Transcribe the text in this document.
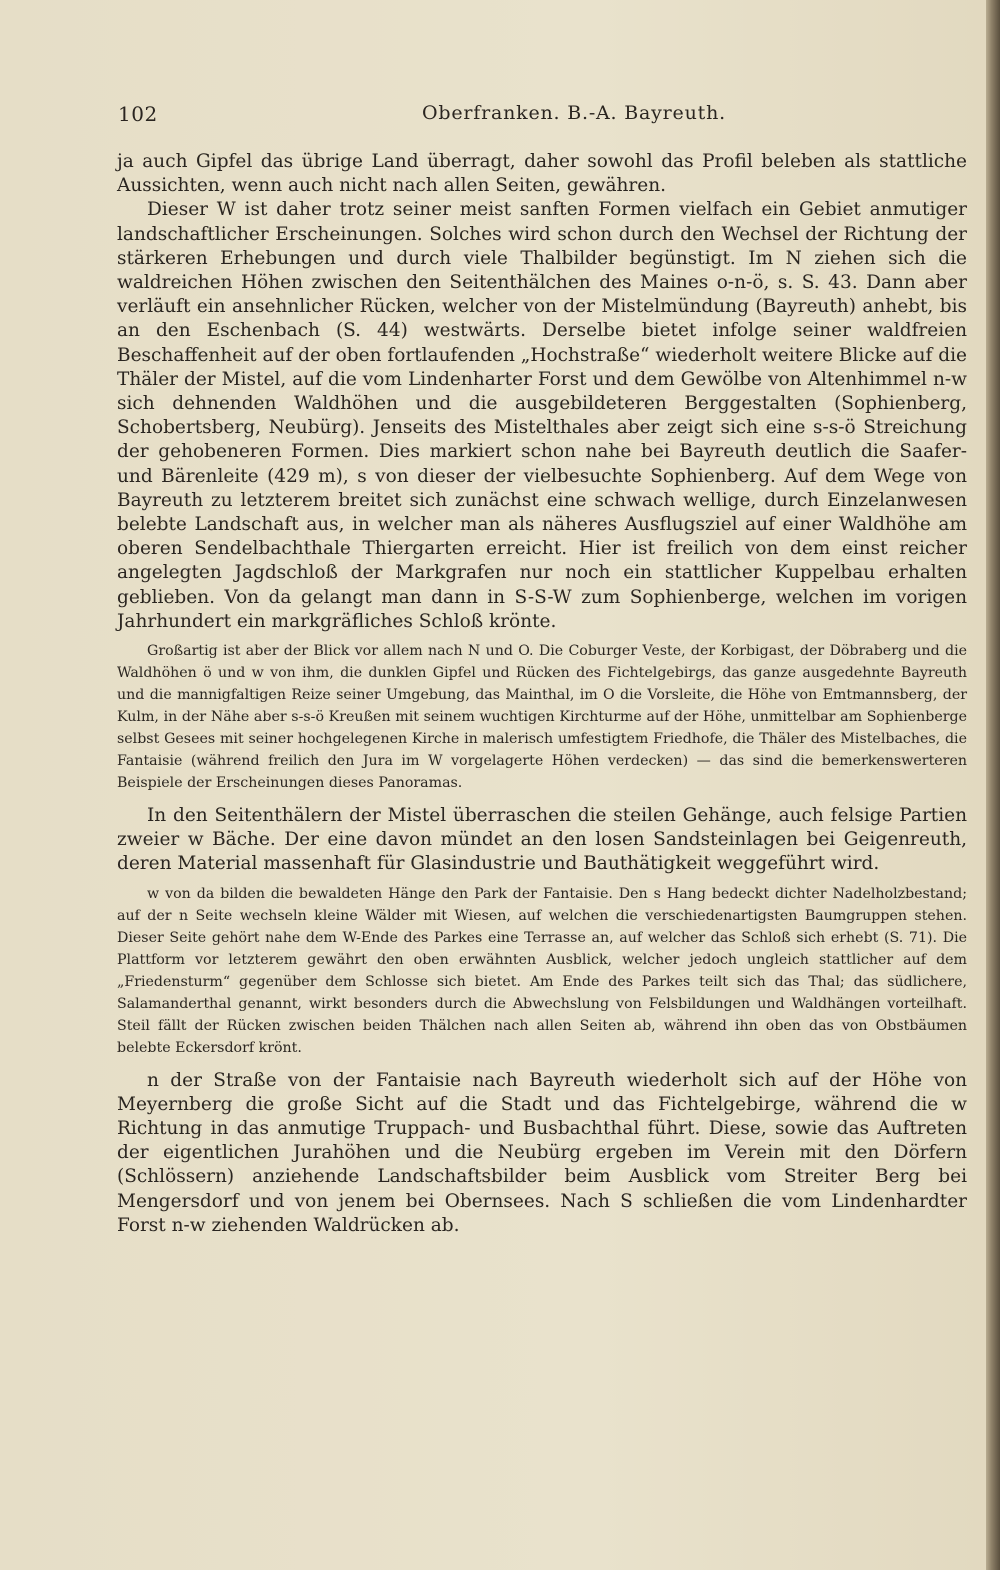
102	Oberfranken. B.-A. Bayreuth.

ja auch Gipfel das übrige Land überragt, daher sowohl das Profil beleben als stattliche Aussichten, wenn auch nicht nach allen Seiten, gewähren.

Dieser W ist daher trotz seiner meist sanften Formen vielfach ein Gebiet anmutiger landschaftlicher Erscheinungen. Solches wird schon durch den Wechsel der Richtung der stärkeren Erhebungen und durch viele Thalbilder begünstigt. Im N ziehen sich die waldreichen Höhen zwischen den Seitenthälchen des Maines o-n-ö, s. S. 43. Dann aber verläuft ein ansehnlicher Rücken, welcher von der Mistelmündung (Bayreuth) anhebt, bis an den Eschenbach (S. 44) westwärts. Derselbe bietet infolge seiner waldfreien Beschaffenheit auf der oben fortlaufenden „Hochstraße“ wiederholt weitere Blicke auf die Thäler der Mistel, auf die vom Lindenharter Forst und dem Gewölbe von Altenhimmel n-w sich dehnenden Waldhöhen und die ausgebildeteren Berggestalten (Sophienberg, Schobertsberg, Neubürg). Jenseits des Mistelthales aber zeigt sich eine s-s-ö Streichung der gehobeneren Formen. Dies markiert schon nahe bei Bayreuth deutlich die Saafer- und Bärenleite (429 m), s von dieser der vielbesuchte Sophienberg. Auf dem Wege von Bayreuth zu letzterem breitet sich zunächst eine schwach wellige, durch Einzelanwesen belebte Landschaft aus, in welcher man als näheres Ausflugsziel auf einer Waldhöhe am oberen Sendelbachthale Thiergarten erreicht. Hier ist freilich von dem einst reicher angelegten Jagdschloß der Markgrafen nur noch ein stattlicher Kuppelbau erhalten geblieben. Von da gelangt man dann in S-S-W zum Sophienberge, welchen im vorigen Jahrhundert ein markgräfliches Schloß krönte.

Großartig ist aber der Blick vor allem nach N und O. Die Coburger Veste, der Korbigast, der Döbraberg und die Waldhöhen ö und w von ihm, die dunklen Gipfel und Rücken des Fichtelgebirgs, das ganze ausgedehnte Bayreuth und die mannigfaltigen Reize seiner Umgebung, das Mainthal, im O die Vorsleite, die Höhe von Emtmannsberg, der Kulm, in der Nähe aber s-s-ö Kreußen mit seinem wuchtigen Kirchturme auf der Höhe, unmittelbar am Sophienberge selbst Gesees mit seiner hochgelegenen Kirche in malerisch umfestigtem Friedhofe, die Thäler des Mistelbaches, die Fantaisie (während freilich den Jura im W vorgelagerte Höhen verdecken) — das sind die bemerkenswerteren Beispiele der Erscheinungen dieses Panoramas.

In den Seitenthälern der Mistel überraschen die steilen Gehänge, auch felsige Partien zweier w Bäche. Der eine davon mündet an den losen Sandsteinlagen bei Geigenreuth, deren Material massenhaft für Glasindustrie und Bauthätigkeit weggeführt wird.

w von da bilden die bewaldeten Hänge den Park der Fantaisie. Den s Hang bedeckt dichter Nadelholzbestand; auf der n Seite wechseln kleine Wälder mit Wiesen, auf welchen die verschiedenartigsten Baumgruppen stehen. Dieser Seite gehört nahe dem W-Ende des Parkes eine Terrasse an, auf welcher das Schloß sich erhebt (S. 71). Die Plattform vor letzterem gewährt den oben erwähnten Ausblick, welcher jedoch ungleich stattlicher auf dem „Friedensturm“ gegenüber dem Schlosse sich bietet. Am Ende des Parkes teilt sich das Thal; das südlichere, Salamanderthal genannt, wirkt besonders durch die Abwechslung von Felsbildungen und Waldhängen vorteilhaft. Steil fällt der Rücken zwischen beiden Thälchen nach allen Seiten ab, während ihn oben das von Obstbäumen belebte Eckersdorf krönt.

n der Straße von der Fantaisie nach Bayreuth wiederholt sich auf der Höhe von Meyernberg die große Sicht auf die Stadt und das Fichtelgebirge, während die w Richtung in das anmutige Truppach- und Busbachthal führt. Diese, sowie das Auftreten der eigentlichen Jurahöhen und die Neubürg ergeben im Verein mit den Dörfern (Schlössern) anziehende Landschaftsbilder beim Ausblick vom Streiter Berg bei Mengersdorf und von jenem bei Obernsees. Nach S schließen die vom Lindenhardter Forst n-w ziehenden Waldrücken ab.
